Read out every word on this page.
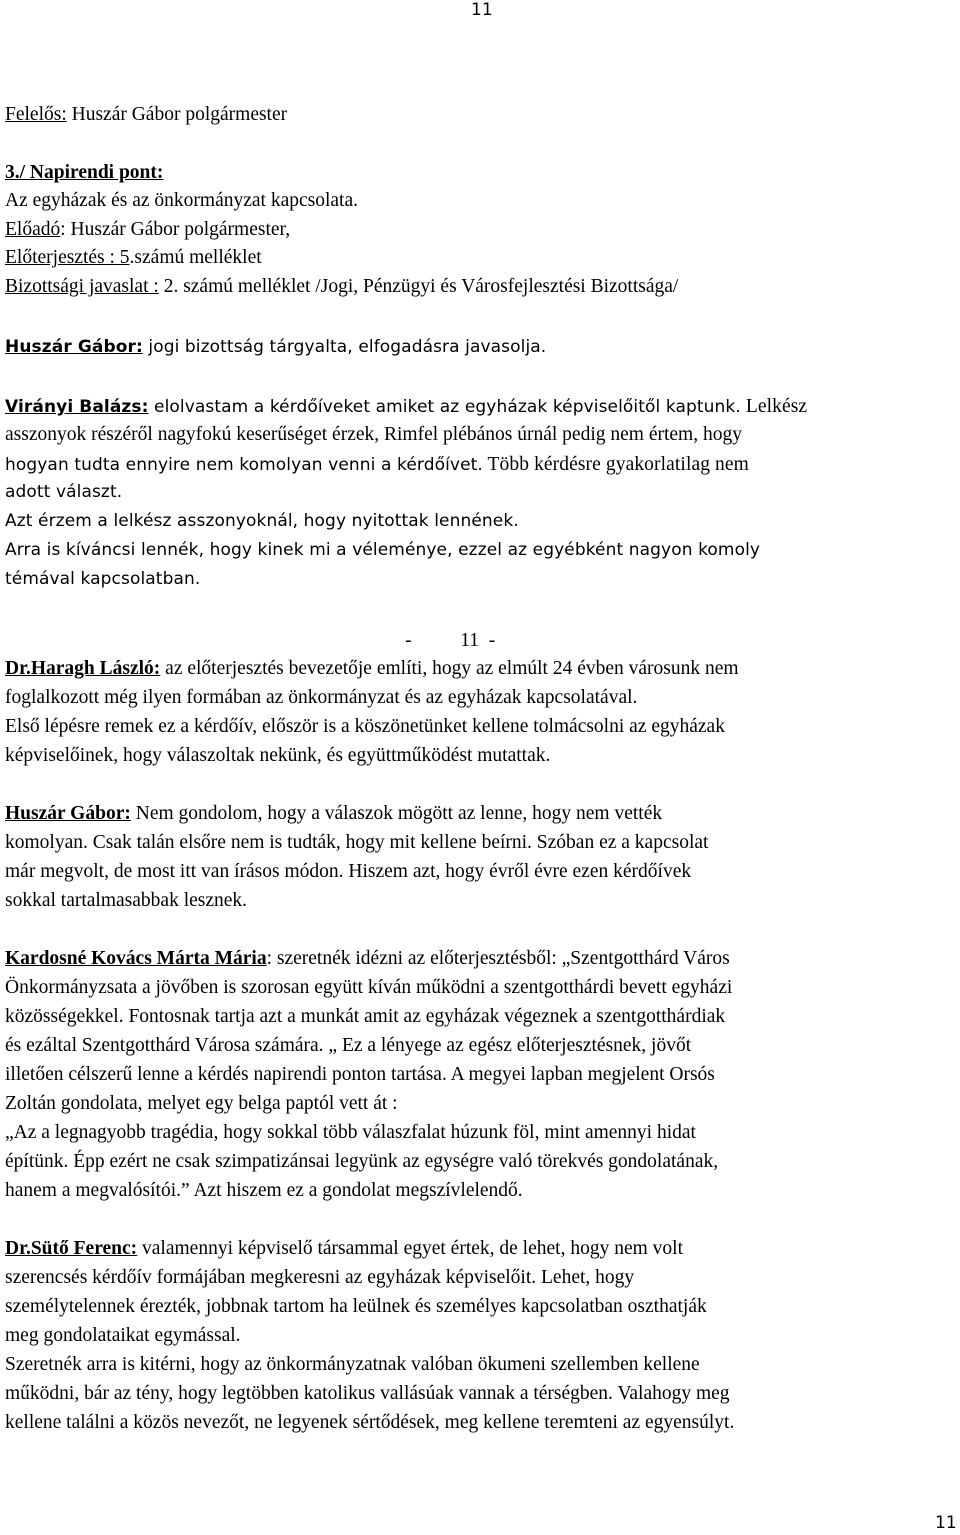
11
Felelős: Huszár Gábor polgármester
3./ Napirendi pont:
Az egyházak és az önkormányzat kapcsolata.
Előadó: Huszár Gábor polgármester,
Előterjesztés : 5.számú melléklet
Bizottsági javaslat : 2. számú melléklet /Jogi, Pénzügyi és Városfejlesztési Bizottsága/
Huszár Gábor: jogi bizottság tárgyalta, elfogadásra javasolja.
Virányi Balázs: elolvastam a kérdőíveket amiket az egyházak képviselőitől kaptunk. Lelkész
asszonyok részéről nagyfokú keserűséget érzek, Rimfel plébános úrnál pedig nem értem, hogy
hogyan tudta ennyire nem komolyan venni a kérdőívet. Több kérdésre gyakorlatilag nem
adott választ.
Azt érzem a lelkész asszonyoknál, hogy nyitottak lennének.
Arra is kíváncsi lennék, hogy kinek mi a véleménye, ezzel az egyébként nagyon komoly
témával kapcsolatban.
-          11  -
Dr.Haragh László: az előterjesztés bevezetője említi, hogy az elmúlt 24 évben városunk nem
foglalkozott még ilyen formában az önkormányzat és az egyházak kapcsolatával.
Első lépésre remek ez a kérdőív, először is a köszönetünket kellene tolmácsolni az egyházak
képviselőinek, hogy válaszoltak nekünk, és együttműködést mutattak.
Huszár Gábor: Nem gondolom, hogy a válaszok mögött az lenne, hogy nem vették
komolyan. Csak talán elsőre nem is tudták, hogy mit kellene beírni. Szóban ez a kapcsolat
már megvolt, de most itt van írásos módon. Hiszem azt, hogy évről évre ezen kérdőívek
sokkal tartalmasabbak lesznek.
Kardosné Kovács Márta Mária: szeretnék idézni az előterjesztésből: „Szentgotthárd Város
Önkormányzsata a jövőben is szorosan együtt kíván működni a szentgotthárdi bevett egyházi
közösségekkel. Fontosnak tartja azt a munkát amit az egyházak végeznek a szentgotthárdiak
és ezáltal Szentgotthárd Városa számára. „ Ez a lényege az egész előterjesztésnek, jövőt
illetően célszerű lenne a kérdés napirendi ponton tartása. A megyei lapban megjelent Orsós
Zoltán gondolata, melyet egy belga paptól vett át :
„Az a legnagyobb tragédia, hogy sokkal több válaszfalat húzunk föl, mint amennyi hidat
építünk. Épp ezért ne csak szimpatizánsai legyünk az egységre való törekvés gondolatának,
hanem a megvalósítói.” Azt hiszem ez a gondolat megszívlelendő.
Dr.Sütő Ferenc: valamennyi képviselő társammal egyet értek, de lehet, hogy nem volt
szerencsés kérdőív formájában megkeresni az egyházak képviselőit. Lehet, hogy
személytelennek érezték, jobbnak tartom ha leülnek és személyes kapcsolatban oszthatják
meg gondolataikat egymással.
Szeretnék arra is kitérni, hogy az önkormányzatnak valóban ökumeni szellemben kellene
működni, bár az tény, hogy legtöbben katolikus vallásúak vannak a térségben. Valahogy meg
kellene találni a közös nevezőt, ne legyenek sértődések, meg kellene teremteni az egyensúlyt.
11
